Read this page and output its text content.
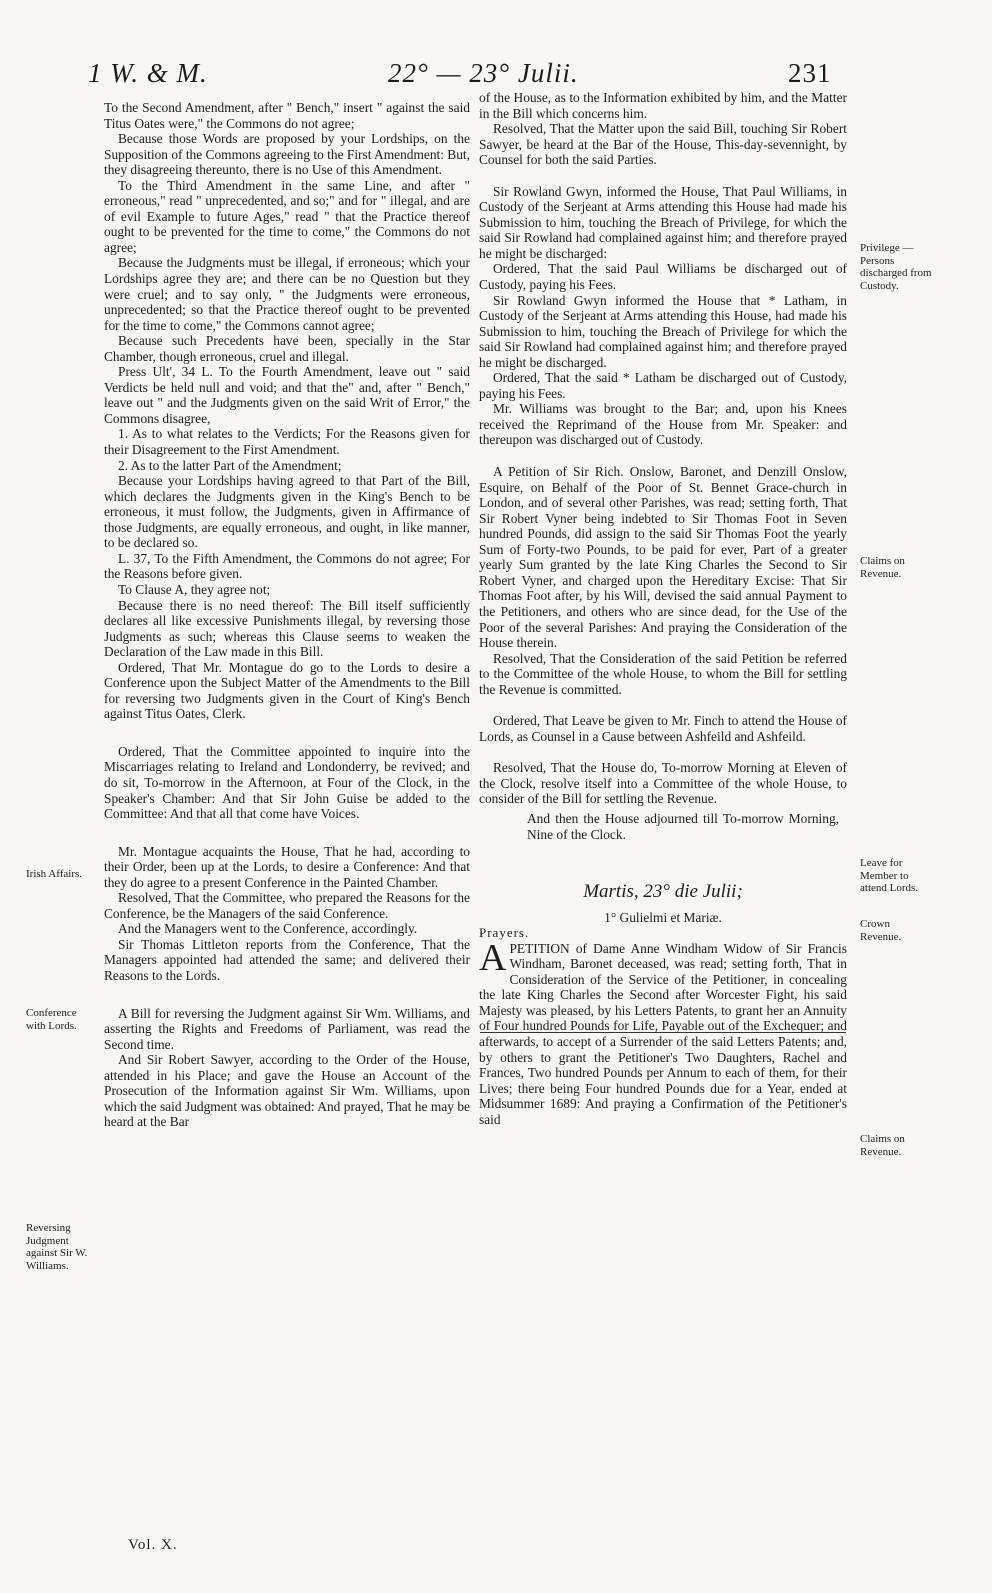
1 W. & M.	22° — 23° Julii.	231

To the Second Amendment, after " Bench," insert " against the said Titus Oates were," the Commons do not agree;

Because those Words are proposed by your Lordships, on the Supposition of the Commons agreeing to the First Amendment: But, they disagreeing thereunto, there is no Use of this Amendment.

To the Third Amendment in the same Line, and after " erroneous," read " unprecedented, and so;" and for " illegal, and are of evil Example to future Ages," read " that the Practice thereof ought to be prevented for the time to come," the Commons do not agree;

Because the Judgments must be illegal, if erroneous; which your Lordships agree they are; and there can be no Question but they were cruel; and to say only, " the Judgments were erroneous, unprecedented; so that the Practice thereof ought to be prevented for the time to come," the Commons cannot agree;

Because such Precedents have been, specially in the Star Chamber, though erroneous, cruel and illegal.

Press Ult', 34 L. To the Fourth Amendment, leave out " said Verdicts be held null and void; and that the" and, after " Bench," leave out " and the Judgments given on the said Writ of Error," the Commons disagree,

1. As to what relates to the Verdicts; For the Reasons given for their Disagreement to the First Amendment.

2. As to the latter Part of the Amendment;

Because your Lordships having agreed to that Part of the Bill, which declares the Judgments given in the King's Bench to be erroneous, it must follow, the Judgments, given in Affirmance of those Judgments, are equally erroneous, and ought, in like manner, to be declared so.

L. 37, To the Fifth Amendment, the Commons do not agree; For the Reasons before given.

To Clause A, they agree not;

Because there is no need thereof: The Bill itself sufficiently declares all like excessive Punishments illegal, by reversing those Judgments as such; whereas this Clause seems to weaken the Declaration of the Law made in this Bill.

Ordered, That Mr. Montague do go to the Lords to desire a Conference upon the Subject Matter of the Amendments to the Bill for reversing two Judgments given in the Court of King's Bench against Titus Oates, Clerk.

Ordered, That the Committee appointed to inquire into the Miscarriages relating to Ireland and Londonderry, be revived; and do sit, To-morrow in the Afternoon, at Four of the Clock, in the Speaker's Chamber: And that Sir John Guise be added to the Committee: And that all that come have Voices.

Mr. Montague acquaints the House, That he had, according to their Order, been up at the Lords, to desire a Conference: And that they do agree to a present Conference in the Painted Chamber.

Resolved, That the Committee, who prepared the Reasons for the Conference, be the Managers of the said Conference.

And the Managers went to the Conference, accordingly.

Sir Thomas Littleton reports from the Conference, That the Managers appointed had attended the same; and delivered their Reasons to the Lords.

A Bill for reversing the Judgment against Sir Wm. Williams, and asserting the Rights and Freedoms of Parliament, was read the Second time.

And Sir Robert Sawyer, according to the Order of the House, attended in his Place; and gave the House an Account of the Prosecution of the Information against Sir Wm. Williams, upon which the said Judgment was obtained: And prayed, That he may be heard at the Bar

of the House, as to the Information exhibited by him, and the Matter in the Bill which concerns him.

Resolved, That the Matter upon the said Bill, touching Sir Robert Sawyer, be heard at the Bar of the House, This-day-sevennight, by Counsel for both the said Parties.

Sir Rowland Gwyn, informed the House, That Paul Williams, in Custody of the Serjeant at Arms attending this House had made his Submission to him, touching the Breach of Privilege, for which the said Sir Rowland had complained against him; and therefore prayed he might be discharged:

Ordered, That the said Paul Williams be discharged out of Custody, paying his Fees.

Sir Rowland Gwyn informed the House that * Latham, in Custody of the Serjeant at Arms attending this House, had made his Submission to him, touching the Breach of Privilege for which the said Sir Rowland had complained against him; and therefore prayed he might be discharged.

Ordered, That the said * Latham be discharged out of Custody, paying his Fees.

Mr. Williams was brought to the Bar; and, upon his Knees received the Reprimand of the House from Mr. Speaker: and thereupon was discharged out of Custody.

A Petition of Sir Rich. Onslow, Baronet, and Denzill Onslow, Esquire, on Behalf of the Poor of St. Bennet Grace-church in London, and of several other Parishes, was read; setting forth, That Sir Robert Vyner being indebted to Sir Thomas Foot in Seven hundred Pounds, did assign to the said Sir Thomas Foot the yearly Sum of Forty-two Pounds, to be paid for ever, Part of a greater yearly Sum granted by the late King Charles the Second to Sir Robert Vyner, and charged upon the Hereditary Excise: That Sir Thomas Foot after, by his Will, devised the said annual Payment to the Petitioners, and others who are since dead, for the Use of the Poor of the several Parishes: And praying the Consideration of the House therein.

Resolved, That the Consideration of the said Petition be referred to the Committee of the whole House, to whom the Bill for settling the Revenue is committed.

Ordered, That Leave be given to Mr. Finch to attend the House of Lords, as Counsel in a Cause between Ashfeild and Ashfeild.

Resolved, That the House do, To-morrow Morning at Eleven of the Clock, resolve itself into a Committee of the whole House, to consider of the Bill for settling the Revenue.

And then the House adjourned till To-morrow Morning, Nine of the Clock.

Martis, 23° die Julii;
1° Gulielmi et Mariæ.

Prayers.

APETITION of Dame Anne Windham Widow of Sir Francis Windham, Baronet deceased, was read; setting forth, That in Consideration of the Service of the Petitioner, in concealing the late King Charles the Second after Worcester Fight, his said Majesty was pleased, by his Letters Patents, to grant her an Annuity of Four hundred Pounds for Life, Payable out of the Exchequer; and afterwards, to accept of a Surrender of the said Letters Patents; and, by others to grant the Petitioner's Two Daughters, Rachel and Frances, Two hundred Pounds per Annum to each of them, for their Lives; there being Four hundred Pounds due for a Year, ended at Midsummer 1689: And praying a Confirmation of the Petitioner's said

Vol. X.
Irish Affairs.
Conference with Lords.
Reversing Judgment against Sir W. Williams.
Privilege — Persons discharged from Custody.
Claims on Revenue.
Leave for Member to attend Lords.
Crown Revenue.
Claims on Revenue.
